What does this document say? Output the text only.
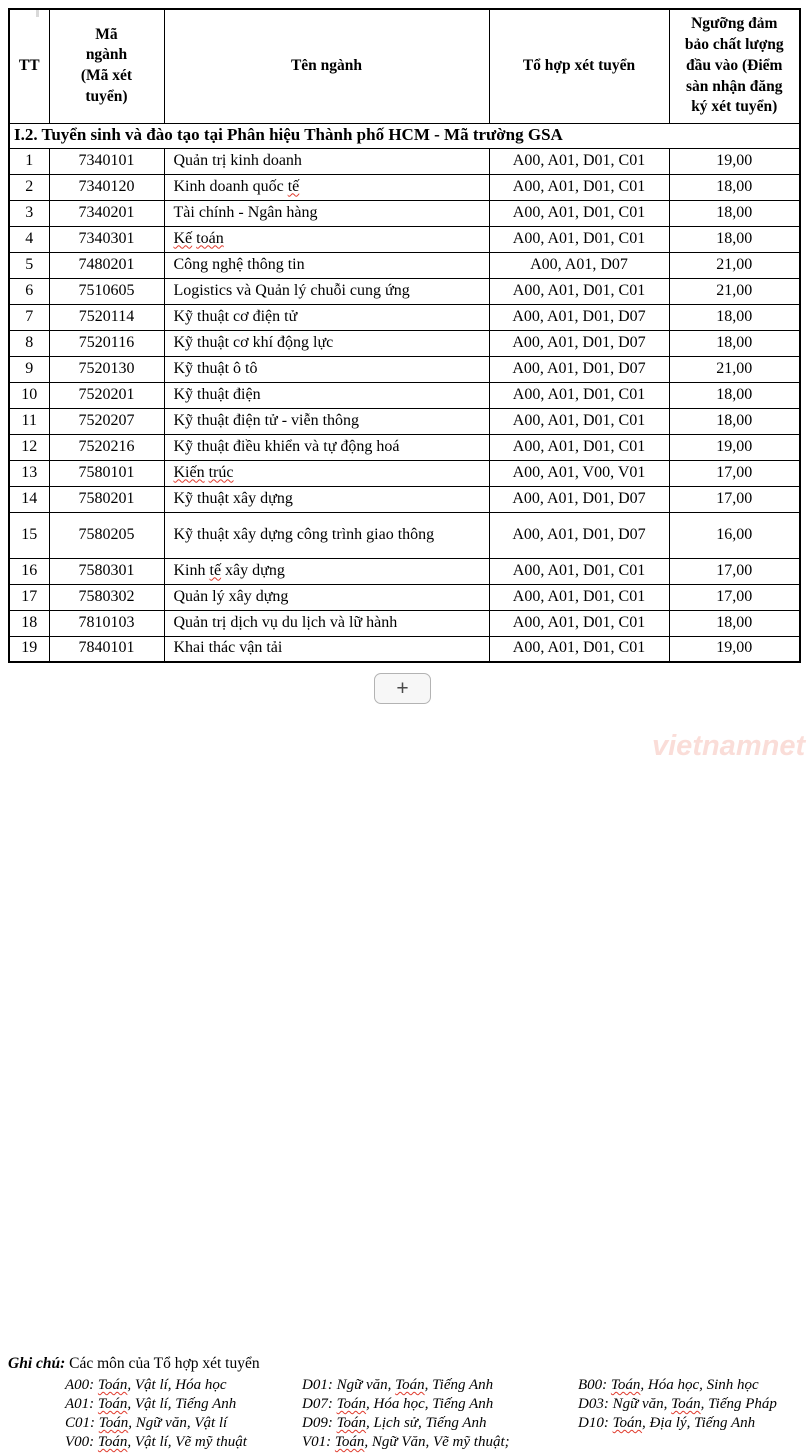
TT	Mã
ngành
(Mã xét
tuyển)	Tên ngành	Tổ hợp xét tuyển	Ngưỡng đảm
bảo chất lượng
đầu vào (Điểm
sàn nhận đăng
ký xét tuyển)
I.2. Tuyển sinh và đào tạo tại Phân hiệu Thành phố HCM - Mã trường GSA				
1	7340101	Quản trị kinh doanh	A00, A01, D01, C01	19,00
2	7340120	Kinh doanh quốc tế	A00, A01, D01, C01	18,00
3	7340201	Tài chính - Ngân hàng	A00, A01, D01, C01	18,00
4	7340301	Kế toán	A00, A01, D01, C01	18,00
5	7480201	Công nghệ thông tin	A00, A01, D07	21,00
6	7510605	Logistics và Quản lý chuỗi cung ứng	A00, A01, D01, C01	21,00
7	7520114	Kỹ thuật cơ điện tử	A00, A01, D01, D07	18,00
8	7520116	Kỹ thuật cơ khí động lực	A00, A01, D01, D07	18,00
9	7520130	Kỹ thuật ô tô	A00, A01, D01, D07	21,00
10	7520201	Kỹ thuật điện	A00, A01, D01, C01	18,00
11	7520207	Kỹ thuật điện tử - viễn thông	A00, A01, D01, C01	18,00
12	7520216	Kỹ thuật điều khiển và tự động hoá	A00, A01, D01, C01	19,00
13	7580101	Kiến trúc	A00, A01, V00, V01	17,00
14	7580201	Kỹ thuật xây dựng	A00, A01, D01, D07	17,00
15	7580205	Kỹ thuật xây dựng công trình giao thông	A00, A01, D01, D07	16,00
16	7580301	Kinh tế xây dựng	A00, A01, D01, C01	17,00
17	7580302	Quản lý xây dựng	A00, A01, D01, C01	17,00
18	7810103	Quản trị dịch vụ du lịch và lữ hành	A00, A01, D01, C01	18,00
19	7840101	Khai thác vận tải	A00, A01, D01, C01	19,00
+
Ghi chú: Các môn của Tổ hợp xét tuyển
A00: Toán, Vật lí, Hóa học	D01: Ngữ văn, Toán, Tiếng Anh	B00: Toán, Hóa học, Sinh học
A01: Toán, Vật lí, Tiếng Anh	D07: Toán, Hóa học, Tiếng Anh	D03: Ngữ văn, Toán, Tiếng Pháp
C01: Toán, Ngữ văn, Vật lí	D09: Toán, Lịch sử, Tiếng Anh	D10: Toán, Địa lý, Tiếng Anh
V00: Toán, Vật lí, Vẽ mỹ thuật	V01: Toán, Ngữ Văn, Vẽ mỹ thuật;
vietnamnet
